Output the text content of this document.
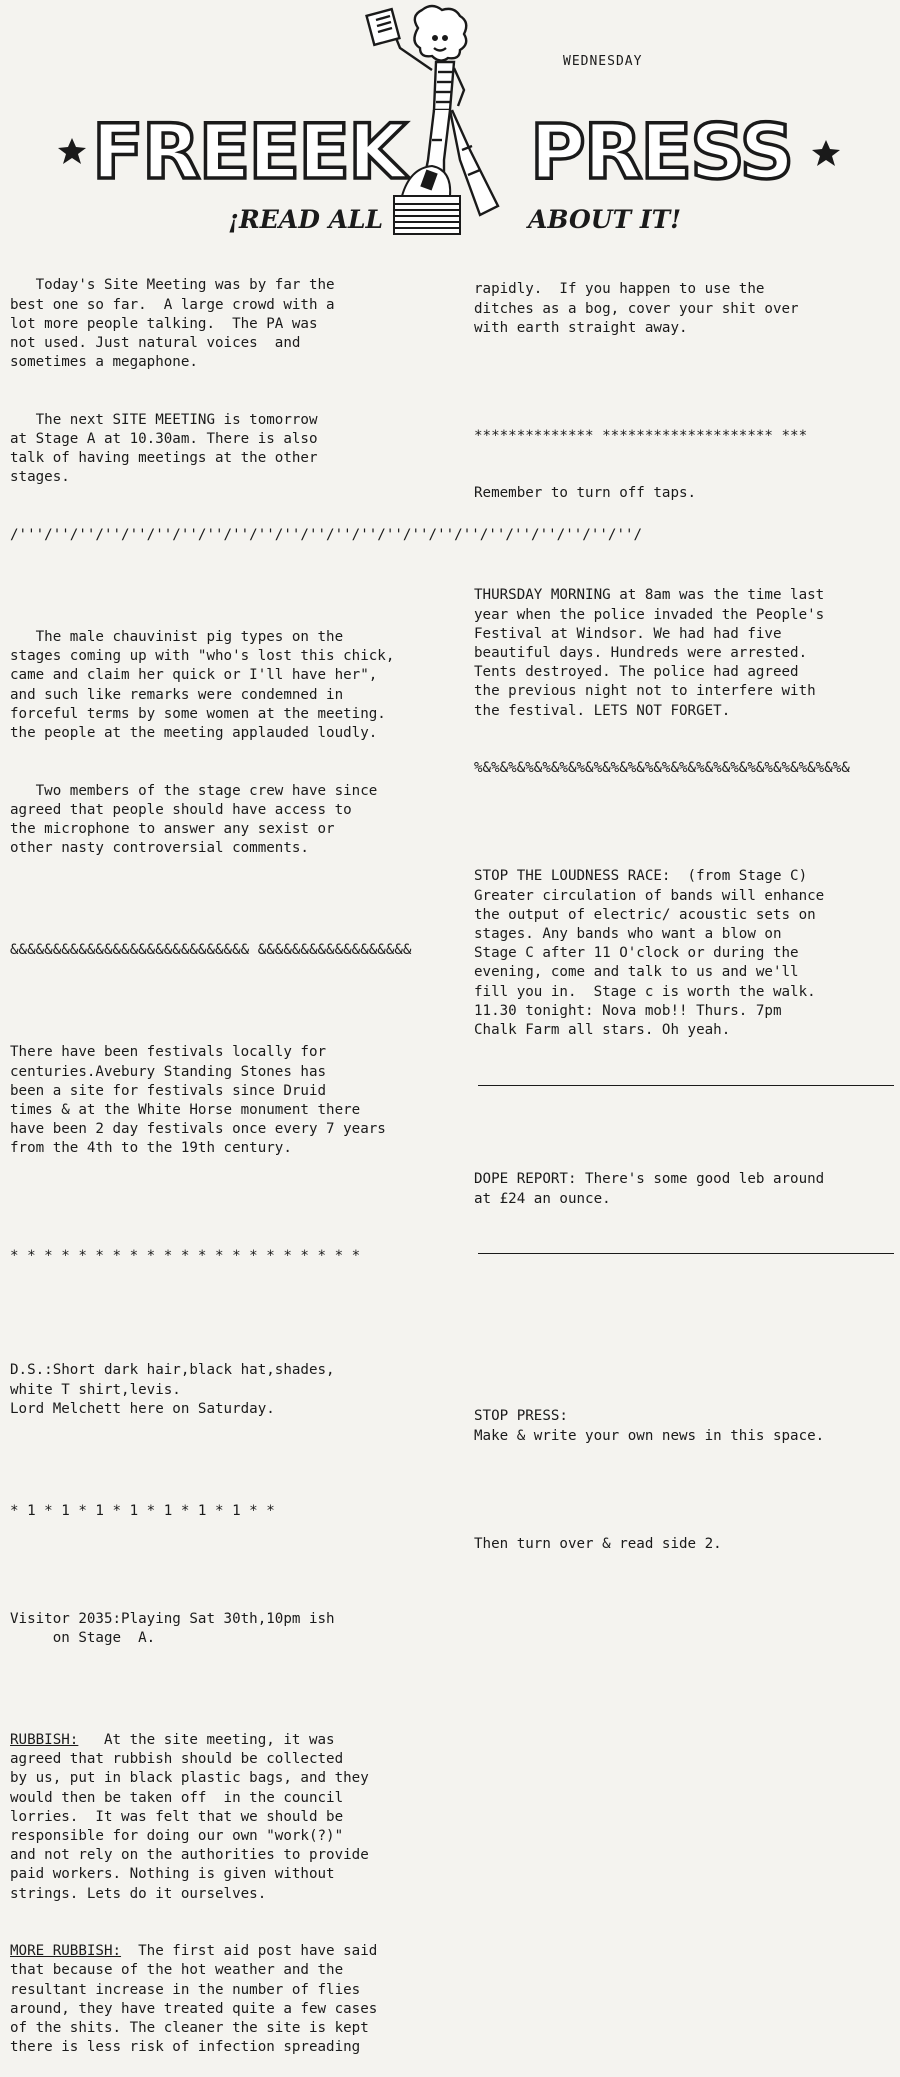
FREEEK PRESS
¡READ ALL	ABOUT IT!
WEDNESDAY

Today's Site Meeting was by far the
best one so far.  A large crowd with a
lot more people talking.  The PA was
not used. Just natural voices  and
sometimes a megaphone.

The next SITE MEETING is tomorrow
at Stage A at 10.30am. There is also
talk of having meetings at the other
stages.

/'''/''/''/''/''/''/''/''/''/''/''/''/''/''/''/''/''/''/''/''/''/''/''/''/

The male chauvinist pig types on the
stages coming up with "who's lost this chick,
came and claim her quick or I'll have her",
and such like remarks were condemned in
forceful terms by some women at the meeting.
the people at the meeting applauded loudly.

Two members of the stage crew have since
agreed that people should have access to
the microphone to answer any sexist or
other nasty controversial comments.

&&&&&&&&&&&&&&&&&&&&&&&&&&&& &&&&&&&&&&&&&&&&&&

There have been festivals locally for
centuries.Avebury Standing Stones has
been a site for festivals since Druid
times & at the White Horse monument there
have been 2 day festivals once every 7 years
from the 4th to the 19th century.

* * * * * * * * * * * * * * * * * * * * *

D.S.:Short dark hair,black hat,shades,
white T shirt,levis.
Lord Melchett here on Saturday.

* 1 * 1 * 1 * 1 * 1 * 1 * 1 * *

Visitor 2035:Playing Sat 30th,10pm ish
on Stage  A.

RUBBISH:   At the site meeting, it was
agreed that rubbish should be collected
by us, put in black plastic bags, and they
would then be taken off  in the council
lorries.  It was felt that we should be
responsible for doing our own "work(?)"
and not rely on the authorities to provide
paid workers. Nothing is given without
strings. Lets do it ourselves.

MORE RUBBISH:  The first aid post have said
that because of the hot weather and the
resultant increase in the number of flies
around, they have treated quite a few cases
of the shits. The cleaner the site is kept
there is less risk of infection spreading

rapidly.  If you happen to use the
ditches as a bog, cover your shit over
with earth straight away.

************** ******************** ***

Remember to turn off taps.

THURSDAY MORNING at 8am was the time last
year when the police invaded the People's
Festival at Windsor. We had had five
beautiful days. Hundreds were arrested.
Tents destroyed. The police had agreed
the previous night not to interfere with
the festival. LETS NOT FORGET.

%&%&%&%&%&%&%&%&%&%&%&%&%&%&%&%&%&%&%&%&%&%&

STOP THE LOUDNESS RACE:  (from Stage C)
Greater circulation of bands will enhance
the output of electric/ acoustic sets on
stages. Any bands who want a blow on
Stage C after 11 O'clock or during the
evening, come and talk to us and we'll
fill you in.  Stage c is worth the walk.
11.30 tonight: Nova mob!! Thurs. 7pm
Chalk Farm all stars. Oh yeah.

DOPE REPORT: There's some good leb around
at £24 an ounce.

STOP PRESS:
Make & write your own news in this space.

Then turn over & read side 2.
